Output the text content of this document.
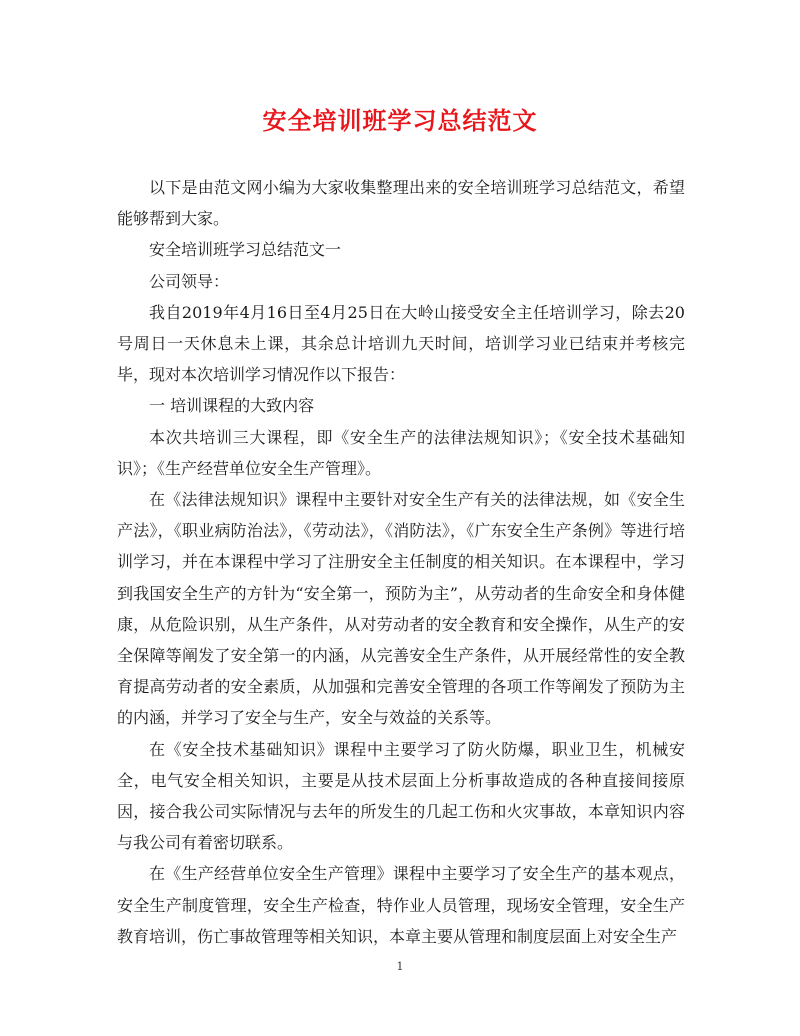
安全培训班学习总结范文

以下是由范文网小编为大家收集整理出来的安全培训班学习总结范文，希望能够帮到大家。

安全培训班学习总结范文一

公司领导：

我自2019年4月16日至4月25日在大岭山接受安全主任培训学习，除去20号周日一天休息未上课，其余总计培训九天时间，培训学习业已结束并考核完毕，现对本次培训学习情况作以下报告：

一 培训课程的大致内容

本次共培训三大课程，即《安全生产的法律法规知识》；《安全技术基础知识》；《生产经营单位安全生产管理》。

在《法律法规知识》课程中主要针对安全生产有关的法律法规，如《安全生产法》，《职业病防治法》，《劳动法》，《消防法》，《广东安全生产条例》等进行培训学习，并在本课程中学习了注册安全主任制度的相关知识。在本课程中，学习到我国安全生产的方针为“安全第一，预防为主”，从劳动者的生命安全和身体健康，从危险识别，从生产条件，从对劳动者的安全教育和安全操作，从生产的安全保障等阐发了安全第一的内涵，从完善安全生产条件，从开展经常性的安全教育提高劳动者的安全素质，从加强和完善安全管理的各项工作等阐发了预防为主的内涵，并学习了安全与生产，安全与效益的关系等。

在《安全技术基础知识》课程中主要学习了防火防爆，职业卫生，机械安全，电气安全相关知识，主要是从技术层面上分析事故造成的各种直接间接原因，接合我公司实际情况与去年的所发生的几起工伤和火灾事故，本章知识内容与我公司有着密切联系。

在《生产经营单位安全生产管理》课程中主要学习了安全生产的基本观点，安全生产制度管理，安全生产检查，特作业人员管理，现场安全管理，安全生产教育培训，伤亡事故管理等相关知识，本章主要从管理和制度层面上对安全生产

1
